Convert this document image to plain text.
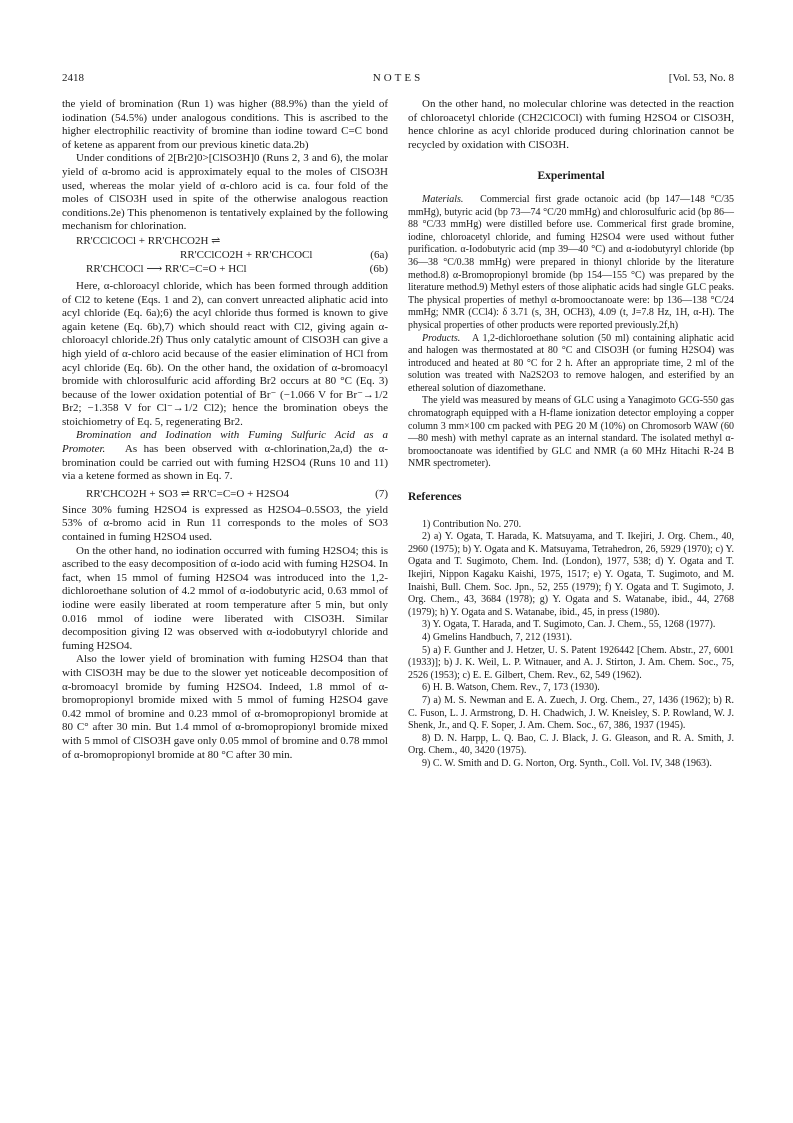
2418	NOTES	[Vol. 53, No. 8

the yield of bromination (Run 1) was higher (88.9%) than the yield of iodination (54.5%) under analogous conditions. This is ascribed to the higher electrophilic reactivity of bromine than iodine toward C=C bond of ketene as apparent from our previous kinetic data.2b)

Under conditions of 2[Br2]0>[ClSO3H]0 (Runs 2, 3 and 6), the molar yield of α-bromo acid is approximately equal to the moles of ClSO3H used, whereas the molar yield of α-chloro acid is ca. four fold of the moles of ClSO3H used in spite of the otherwise analogous reaction conditions.2e) This phenomenon is tentatively explained by the following mechanism for chlorination.

RR'CClCOCl + RR'CHCO2H ⇌
RR'CClCO2H + RR'CHCOCl	(6a)
RR'CHCOCl ⟶ RR'C=C=O + HCl	(6b)

Here, α-chloroacyl chloride, which has been formed through addition of Cl2 to ketene (Eqs. 1 and 2), can convert unreacted aliphatic acid into acyl chloride (Eq. 6a);6) the acyl chloride thus formed is known to give again ketene (Eq. 6b),7) which should react with Cl2, giving again α-chloroacyl chloride.2f) Thus only catalytic amount of ClSO3H can give a high yield of α-chloro acid because of the easier elimination of HCl from acyl chloride (Eq. 6b). On the other hand, the oxidation of α-bromoacyl bromide with chlorosulfuric acid affording Br2 occurs at 80 °C (Eq. 3) because of the lower oxidation potential of Br⁻ (−1.066 V for Br⁻→1/2 Br2; −1.358 V for Cl⁻→1/2 Cl2); hence the bromination obeys the stoichiometry of Eq. 5, regenerating Br2.

Bromination and Iodination with Fuming Sulfuric Acid as a Promoter. As has been observed with α-chlorination,2a,d) the α-bromination could be carried out with fuming H2SO4 (Runs 10 and 11) via a ketene formed as shown in Eq. 7.

RR'CHCO2H + SO3 ⇌ RR'C=C=O + H2SO4	(7)

Since 30% fuming H2SO4 is expressed as H2SO4–0.5SO3, the yield 53% of α-bromo acid in Run 11 corresponds to the moles of SO3 contained in fuming H2SO4 used.

On the other hand, no iodination occurred with fuming H2SO4; this is ascribed to the easy decomposition of α-iodo acid with fuming H2SO4. In fact, when 15 mmol of fuming H2SO4 was introduced into the 1,2-dichloroethane solution of 4.2 mmol of α-iodobutyric acid, 0.63 mmol of iodine were easily liberated at room temperature after 5 min, but only 0.016 mmol of iodine were liberated with ClSO3H. Similar decomposition giving I2 was observed with α-iodobutyryl chloride and fuming H2SO4.

Also the lower yield of bromination with fuming H2SO4 than that with ClSO3H may be due to the slower yet noticeable decomposition of α-bromoacyl bromide by fuming H2SO4. Indeed, 1.8 mmol of α-bromopropionyl bromide mixed with 5 mmol of fuming H2SO4 gave 0.42 mmol of bromine and 0.23 mmol of α-bromopropionyl bromide at 80 C° after 30 min. But 1.4 mmol of α-bromopropionyl bromide mixed with 5 mmol of ClSO3H gave only 0.05 mmol of bromine and 0.78 mmol of α-bromopropionyl bromide at 80 °C after 30 min.

On the other hand, no molecular chlorine was detected in the reaction of chloroacetyl chloride (CH2ClCOCl) with fuming H2SO4 or ClSO3H, hence chlorine as acyl chloride produced during chlorination cannot be recycled by oxidation with ClSO3H.

Experimental

Materials. Commercial first grade octanoic acid (bp 147—148 °C/35 mmHg), butyric acid (bp 73—74 °C/20 mmHg) and chlorosulfuric acid (bp 86—88 °C/33 mmHg) were distilled before use. Commerical first grade bromine, iodine, chloroacetyl chloride, and fuming H2SO4 were used without futher purification. α-Iodobutyric acid (mp 39—40 °C) and α-iodobutyryl chloride (bp 36—38 °C/0.38 mmHg) were prepared in thionyl chloride by the literature method.8) α-Bromopropionyl bromide (bp 154—155 °C) was prepared by the literature method.9) Methyl esters of those aliphatic acids had single GLC peaks. The physical properties of methyl α-bromooctanoate were: bp 136—138 °C/24 mmHg; NMR (CCl4): δ 3.71 (s, 3H, OCH3), 4.09 (t, J=7.8 Hz, 1H, α-H). The physical properties of other products were reported previously.2f,h)

Products. A 1,2-dichloroethane solution (50 ml) containing aliphatic acid and halogen was thermostated at 80 °C and ClSO3H (or fuming H2SO4) was introduced and heated at 80 °C for 2 h. After an appropriate time, 2 ml of the solution was treated with Na2S2O3 to remove halogen, and esterified by an ethereal solution of diazomethane.

The yield was measured by means of GLC using a Yanagimoto GCG-550 gas chromatograph equipped with a H-flame ionization detector employing a copper column 3 mm×100 cm packed with PEG 20 M (10%) on Chromosorb WAW (60—80 mesh) with methyl caprate as an internal standard. The isolated methyl α-bromooctanoate was identified by GLC and NMR (a 60 MHz Hitachi R-24 B NMR spectrometer).

References

1) Contribution No. 270.

2) a) Y. Ogata, T. Harada, K. Matsuyama, and T. Ikejiri, J. Org. Chem., 40, 2960 (1975); b) Y. Ogata and K. Matsuyama, Tetrahedron, 26, 5929 (1970); c) Y. Ogata and T. Sugimoto, Chem. Ind. (London), 1977, 538; d) Y. Ogata and T. Ikejiri, Nippon Kagaku Kaishi, 1975, 1517; e) Y. Ogata, T. Sugimoto, and M. Inaishi, Bull. Chem. Soc. Jpn., 52, 255 (1979); f) Y. Ogata and T. Sugimoto, J. Org. Chem., 43, 3684 (1978); g) Y. Ogata and S. Watanabe, ibid., 44, 2768 (1979); h) Y. Ogata and S. Watanabe, ibid., 45, in press (1980).

3) Y. Ogata, T. Harada, and T. Sugimoto, Can. J. Chem., 55, 1268 (1977).

4) Gmelins Handbuch, 7, 212 (1931).

5) a) F. Gunther and J. Hetzer, U. S. Patent 1926442 [Chem. Abstr., 27, 6001 (1933)]; b) J. K. Weil, L. P. Witnauer, and A. J. Stirton, J. Am. Chem. Soc., 75, 2526 (1953); c) E. E. Gilbert, Chem. Rev., 62, 549 (1962).

6) H. B. Watson, Chem. Rev., 7, 173 (1930).

7) a) M. S. Newman and E. A. Zuech, J. Org. Chem., 27, 1436 (1962); b) R. C. Fuson, L. J. Armstrong, D. H. Chadwich, J. W. Kneisley, S. P. Rowland, W. J. Shenk, Jr., and Q. F. Soper, J. Am. Chem. Soc., 67, 386, 1937 (1945).

8) D. N. Harpp, L. Q. Bao, C. J. Black, J. G. Gleason, and R. A. Smith, J. Org. Chem., 40, 3420 (1975).

9) C. W. Smith and D. G. Norton, Org. Synth., Coll. Vol. IV, 348 (1963).
